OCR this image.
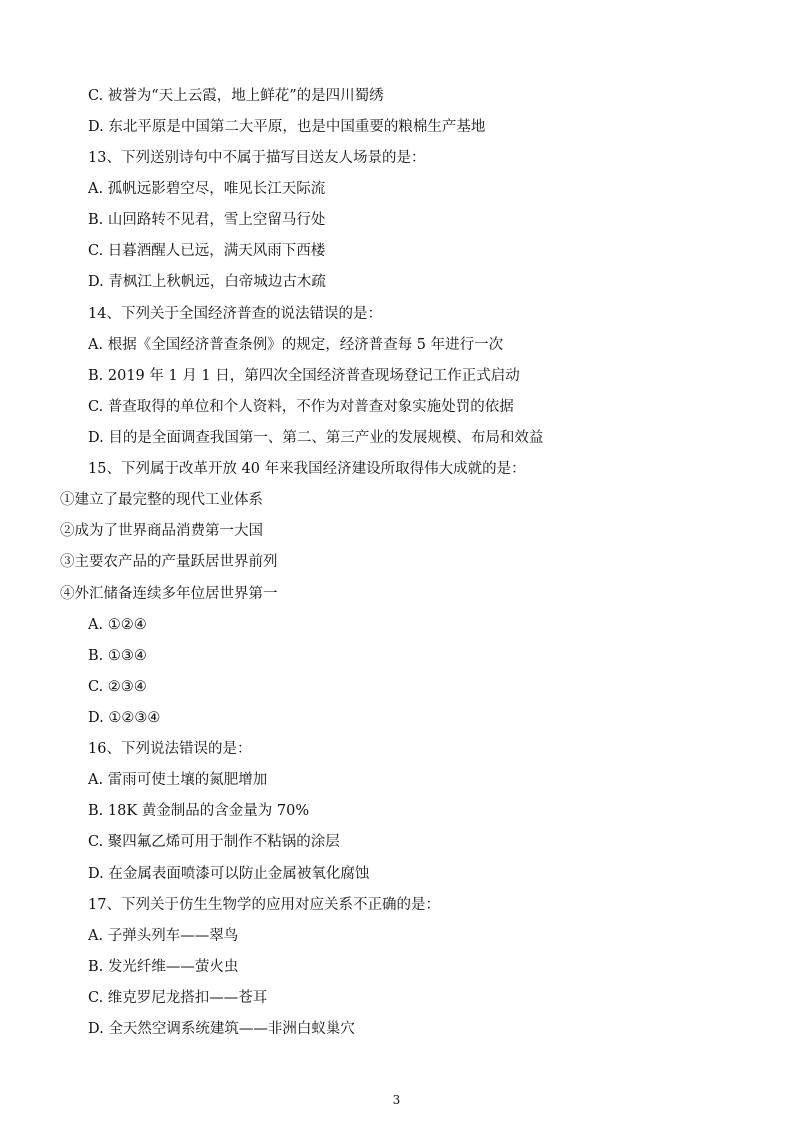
C. 被誉为“天上云霞，地上鲜花”的是四川蜀绣
D. 东北平原是中国第二大平原，也是中国重要的粮棉生产基地
13、下列送别诗句中不属于描写目送友人场景的是：
A. 孤帆远影碧空尽，唯见长江天际流
B. 山回路转不见君，雪上空留马行处
C. 日暮酒醒人已远，满天风雨下西楼
D. 青枫江上秋帆远，白帝城边古木疏
14、下列关于全国经济普查的说法错误的是：
A. 根据《全国经济普查条例》的规定，经济普查每 5 年进行一次
B. 2019 年 1 月 1 日，第四次全国经济普查现场登记工作正式启动
C. 普查取得的单位和个人资料，不作为对普查对象实施处罚的依据
D. 目的是全面调查我国第一、第二、第三产业的发展规模、布局和效益
15、下列属于改革开放 40 年来我国经济建设所取得伟大成就的是：
①建立了最完整的现代工业体系
②成为了世界商品消费第一大国
③主要农产品的产量跃居世界前列
④外汇储备连续多年位居世界第一
A. ①②④
B. ①③④
C. ②③④
D. ①②③④
16、下列说法错误的是：
A. 雷雨可使土壤的氮肥增加
B. 18K 黄金制品的含金量为 70%
C. 聚四氟乙烯可用于制作不粘锅的涂层
D. 在金属表面喷漆可以防止金属被氧化腐蚀
17、下列关于仿生生物学的应用对应关系不正确的是：
A. 子弹头列车——翠鸟
B. 发光纤维——萤火虫
C. 维克罗尼龙搭扣——苍耳
D. 全天然空调系统建筑——非洲白蚁巢穴
3
